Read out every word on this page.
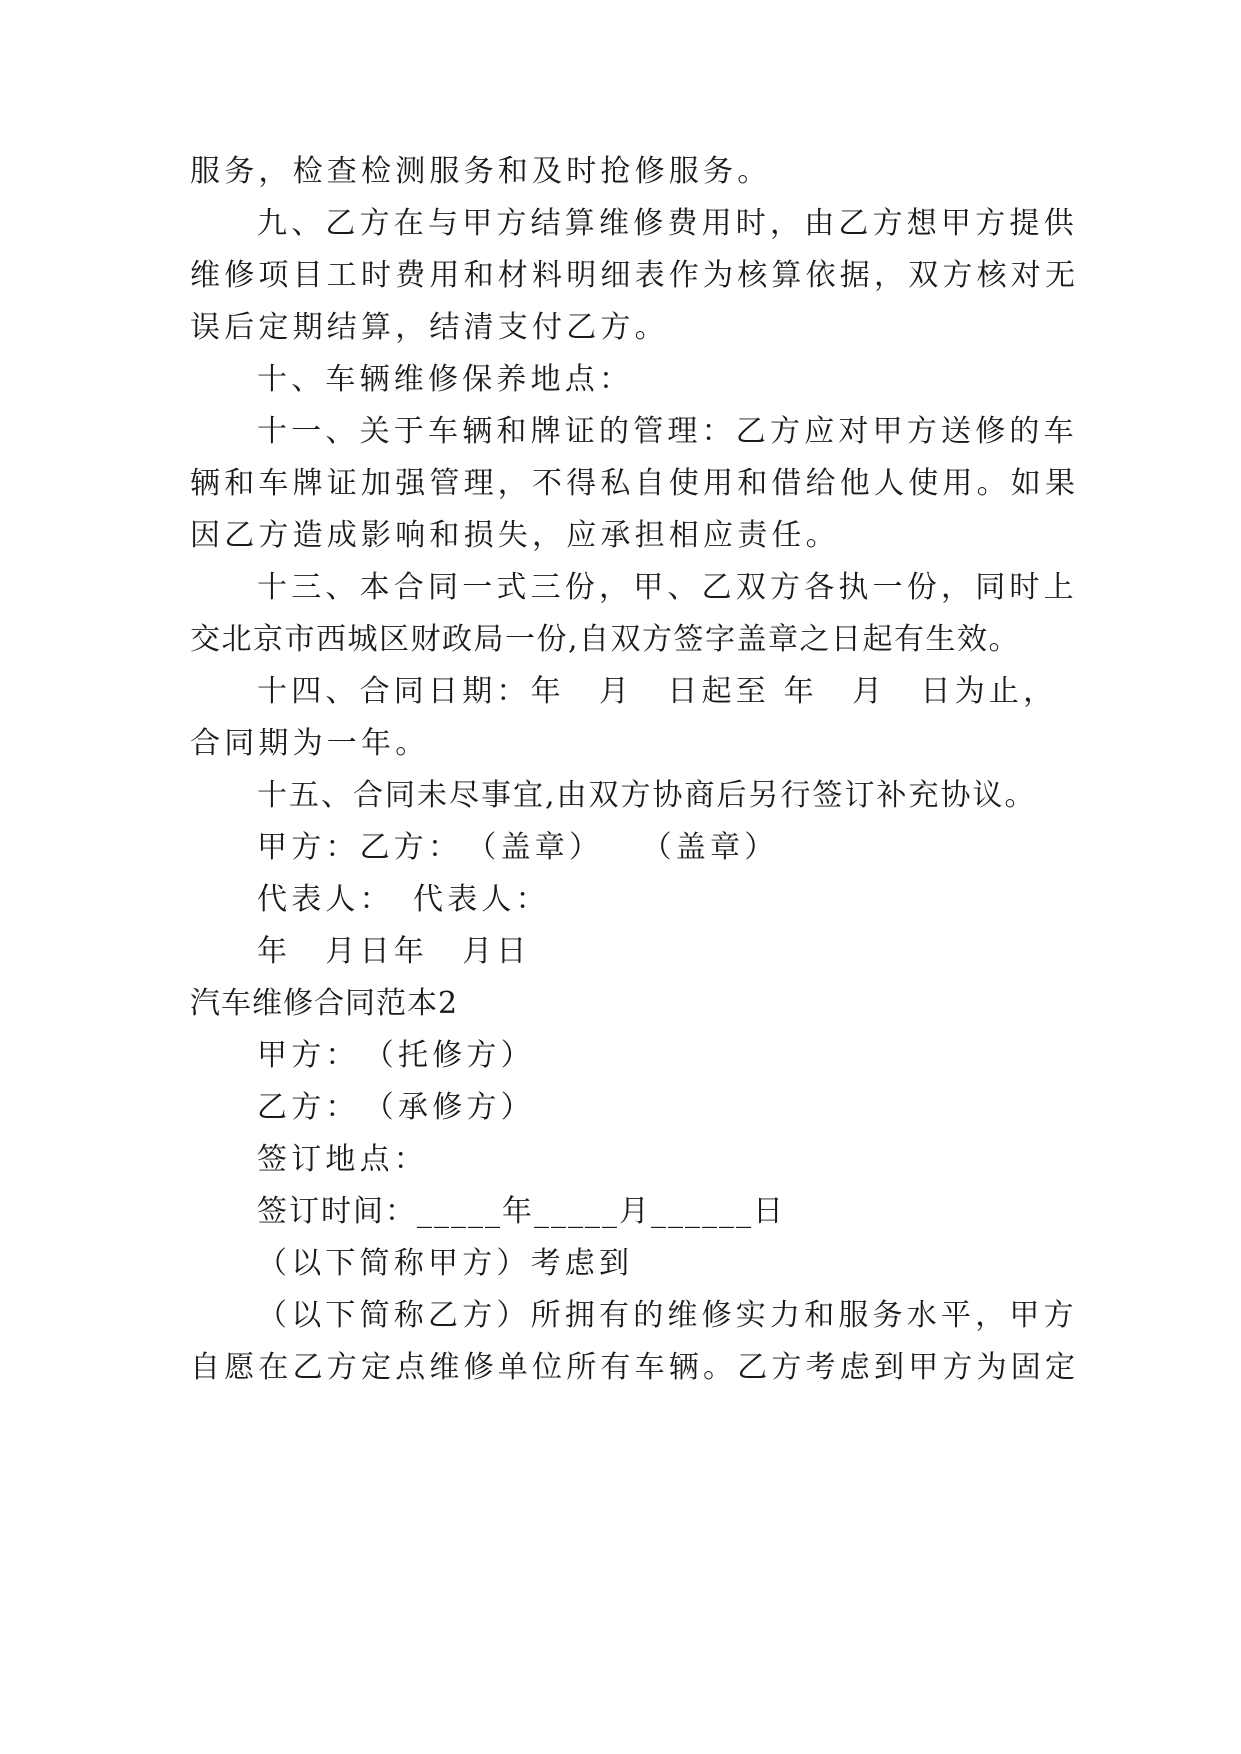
服务，检查检测服务和及时抢修服务。
九、乙方在与甲方结算维修费用时，由乙方想甲方提供
维修项目工时费用和材料明细表作为核算依据，双方核对无
误后定期结算，结清支付乙方。
十、车辆维修保养地点：
十一、关于车辆和牌证的管理：乙方应对甲方送修的车
辆和车牌证加强管理，不得私自使用和借给他人使用。如果
因乙方造成影响和损失，应承担相应责任。
十三、本合同一式三份，甲、乙双方各执一份，同时上
交北京市西城区财政局一份,自双方签字盖章之日起有生效。
十四、合同日期：年　月　日起至 年　月　日为止，
合同期为一年。
十五、合同未尽事宜,由双方协商后另行签订补充协议。
甲方：乙方：　（盖章）　　（盖章）
代表人：　代表人：
年　月日年　月日
汽车维修合同范本2
甲方：　（托修方）
乙方：　（承修方）
签订地点：
签订时间：_____年_____月______日
（以下简称甲方）考虑到
（以下简称乙方）所拥有的维修实力和服务水平，甲方
自愿在乙方定点维修单位所有车辆。乙方考虑到甲方为固定
